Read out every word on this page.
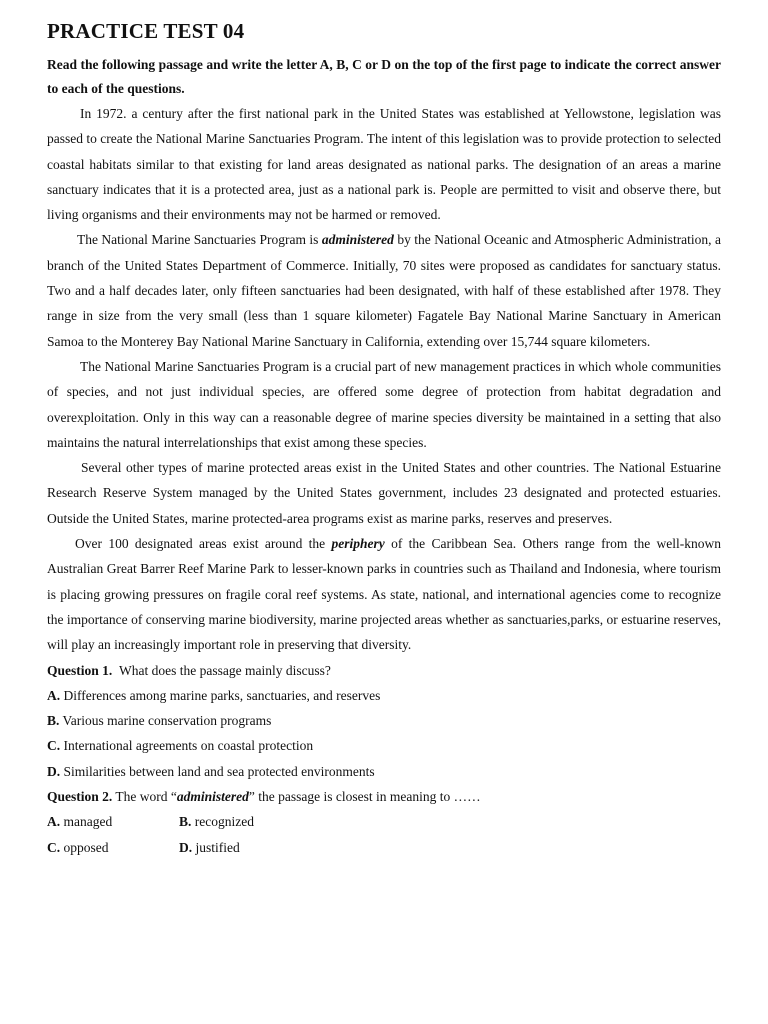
PRACTICE TEST 04

Read the following passage and write the letter A, B, C or D on the top of the first page to indicate the correct answer to each of the questions.

In 1972. a century after the first national park in the United States was established at Yellowstone, legislation was passed to create the National Marine Sanctuaries Program. The intent of this legislation was to provide protection to selected coastal habitats similar to that existing for land areas designated as national parks. The designation of an areas a marine sanctuary indicates that it is a protected area, just as a national park is. People are permitted to visit and observe there, but living organisms and their environments may not be harmed or removed.

The National Marine Sanctuaries Program is administered by the National Oceanic and Atmospheric Administration, a branch of the United States Department of Commerce. Initially, 70 sites were proposed as candidates for sanctuary status. Two and a half decades later, only fifteen sanctuaries had been designated, with half of these established after 1978. They range in size from the very small (less than 1 square kilometer) Fagatele Bay National Marine Sanctuary in American Samoa to the Monterey Bay National Marine Sanctuary in California, extending over 15,744 square kilometers.

The National Marine Sanctuaries Program is a crucial part of new management practices in which whole communities of species, and not just individual species, are offered some degree of protection from habitat degradation and overexploitation. Only in this way can a reasonable degree of marine species diversity be maintained in a setting that also maintains the natural interrelationships that exist among these species.

Several other types of marine protected areas exist in the United States and other countries. The National Estuarine Research Reserve System managed by the United States government, includes 23 designated and protected estuaries. Outside the United States, marine protected-area programs exist as marine parks, reserves and preserves.

Over 100 designated areas exist around the periphery of the Caribbean Sea. Others range from the well-known Australian Great Barrer Reef Marine Park to lesser-known parks in countries such as Thailand and Indonesia, where tourism is placing growing pressures on fragile coral reef systems. As state, national, and international agencies come to recognize the importance of conserving marine biodiversity, marine projected areas whether as sanctuaries,parks, or estuarine reserves, will play an increasingly important role in preserving that diversity.

Question 1. What does the passage mainly discuss?

A. Differences among marine parks, sanctuaries, and reserves

B. Various marine conservation programs

C. International agreements on coastal protection

D. Similarities between land and sea protected environments

Question 2. The word “administered” the passage is closest in meaning to ……

A. managed	B. recognized
C. opposed	D. justified
